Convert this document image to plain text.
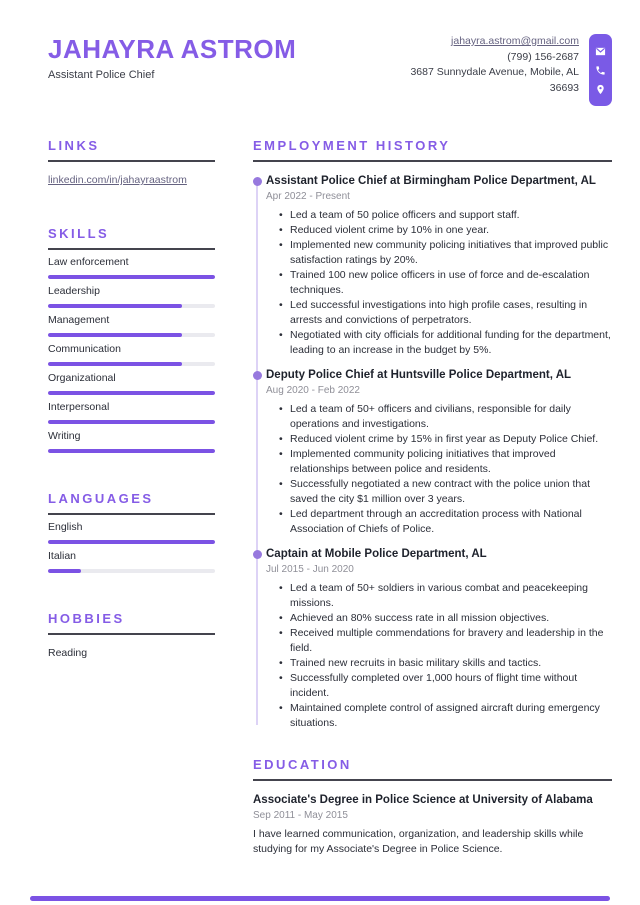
JAHAYRA ASTROM
Assistant Police Chief
jahayra.astrom@gmail.com
(799) 156-2687
3687 Sunnydale Avenue, Mobile, AL 36693
LINKS
linkedin.com/in/jahayraastrom
SKILLS
Law enforcement
Leadership
Management
Communication
Organizational
Interpersonal
Writing
LANGUAGES
English
Italian
HOBBIES
Reading
EMPLOYMENT HISTORY
Assistant Police Chief at Birmingham Police Department, AL
Apr 2022 - Present
• Led a team of 50 police officers and support staff.
• Reduced violent crime by 10% in one year.
• Implemented new community policing initiatives that improved public satisfaction ratings by 20%.
• Trained 100 new police officers in use of force and de-escalation techniques.
• Led successful investigations into high profile cases, resulting in arrests and convictions of perpetrators.
• Negotiated with city officials for additional funding for the department, leading to an increase in the budget by 5%.
Deputy Police Chief at Huntsville Police Department, AL
Aug 2020 - Feb 2022
• Led a team of 50+ officers and civilians, responsible for daily operations and investigations.
• Reduced violent crime by 15% in first year as Deputy Police Chief.
• Implemented community policing initiatives that improved relationships between police and residents.
• Successfully negotiated a new contract with the police union that saved the city $1 million over 3 years.
• Led department through an accreditation process with National Association of Chiefs of Police.
Captain at Mobile Police Department, AL
Jul 2015 - Jun 2020
• Led a team of 50+ soldiers in various combat and peacekeeping missions.
• Achieved an 80% success rate in all mission objectives.
• Received multiple commendations for bravery and leadership in the field.
• Trained new recruits in basic military skills and tactics.
• Successfully completed over 1,000 hours of flight time without incident.
• Maintained complete control of assigned aircraft during emergency situations.
EDUCATION
Associate's Degree in Police Science at University of Alabama
Sep 2011 - May 2015
I have learned communication, organization, and leadership skills while studying for my Associate's Degree in Police Science.
